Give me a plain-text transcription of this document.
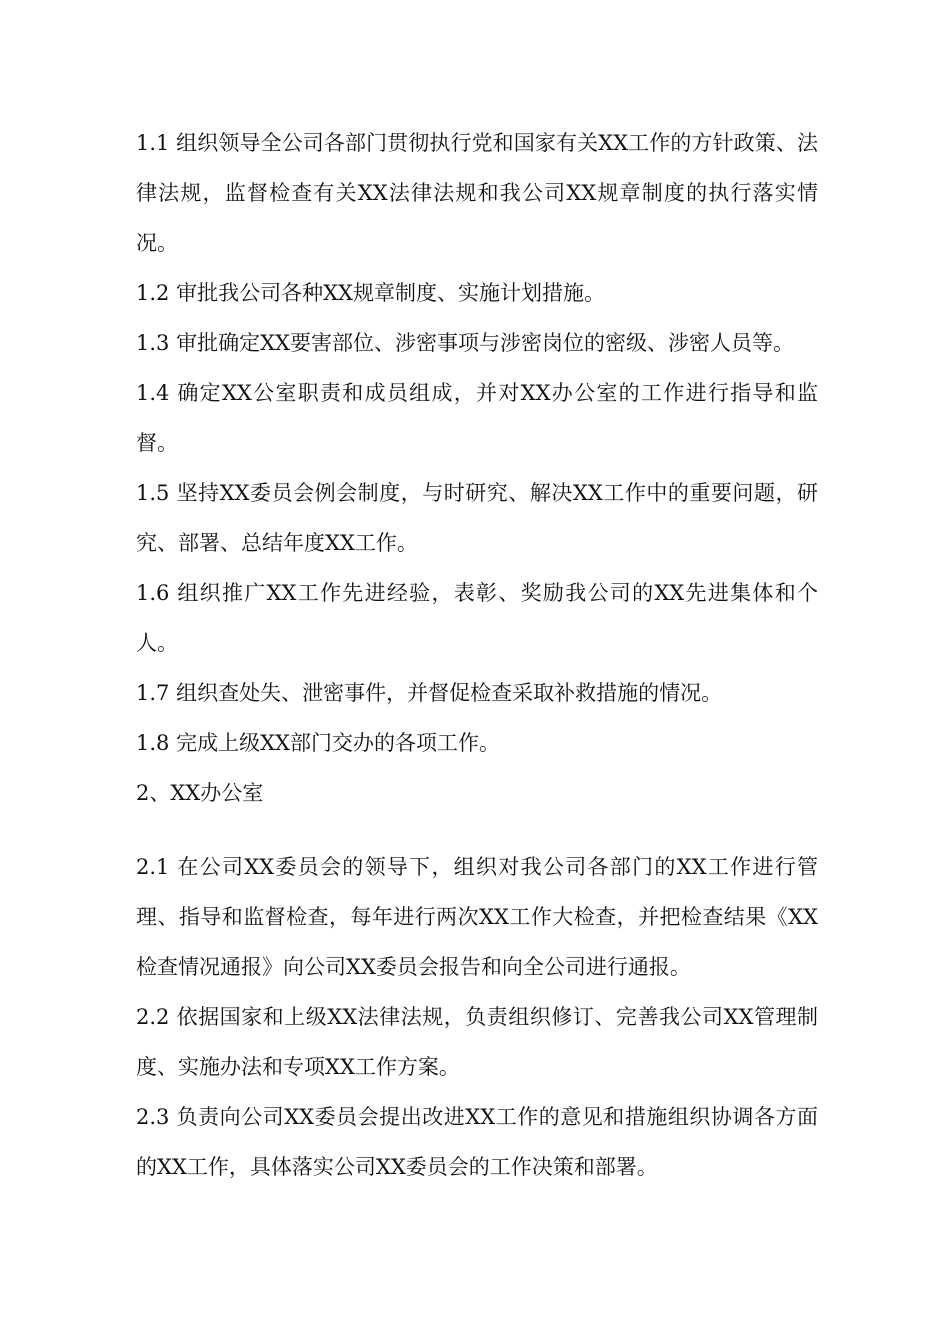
1.1 组织领导全公司各部门贯彻执行党和国家有关XX工作的方针政策、法律法规，监督检查有关XX法律法规和我公司XX规章制度的执行落实情况。

1.2 审批我公司各种XX规章制度、实施计划措施。

1.3 审批确定XX要害部位、涉密事项与涉密岗位的密级、涉密人员等。

1.4 确定XX公室职责和成员组成，并对XX办公室的工作进行指导和监督。

1.5 坚持XX委员会例会制度，与时研究、解决XX工作中的重要问题，研究、部署、总结年度XX工作。

1.6 组织推广XX工作先进经验，表彰、奖励我公司的XX先进集体和个人。

1.7 组织查处失、泄密事件，并督促检查采取补救措施的情况。

1.8 完成上级XX部门交办的各项工作。

2、XX办公室

2.1 在公司XX委员会的领导下，组织对我公司各部门的XX工作进行管理、指导和监督检查，每年进行两次XX工作大检查，并把检查结果《XX检查情况通报》向公司XX委员会报告和向全公司进行通报。

2.2 依据国家和上级XX法律法规，负责组织修订、完善我公司XX管理制度、实施办法和专项XX工作方案。

2.3 负责向公司XX委员会提出改进XX工作的意见和措施组织协调各方面的XX工作，具体落实公司XX委员会的工作决策和部署。
